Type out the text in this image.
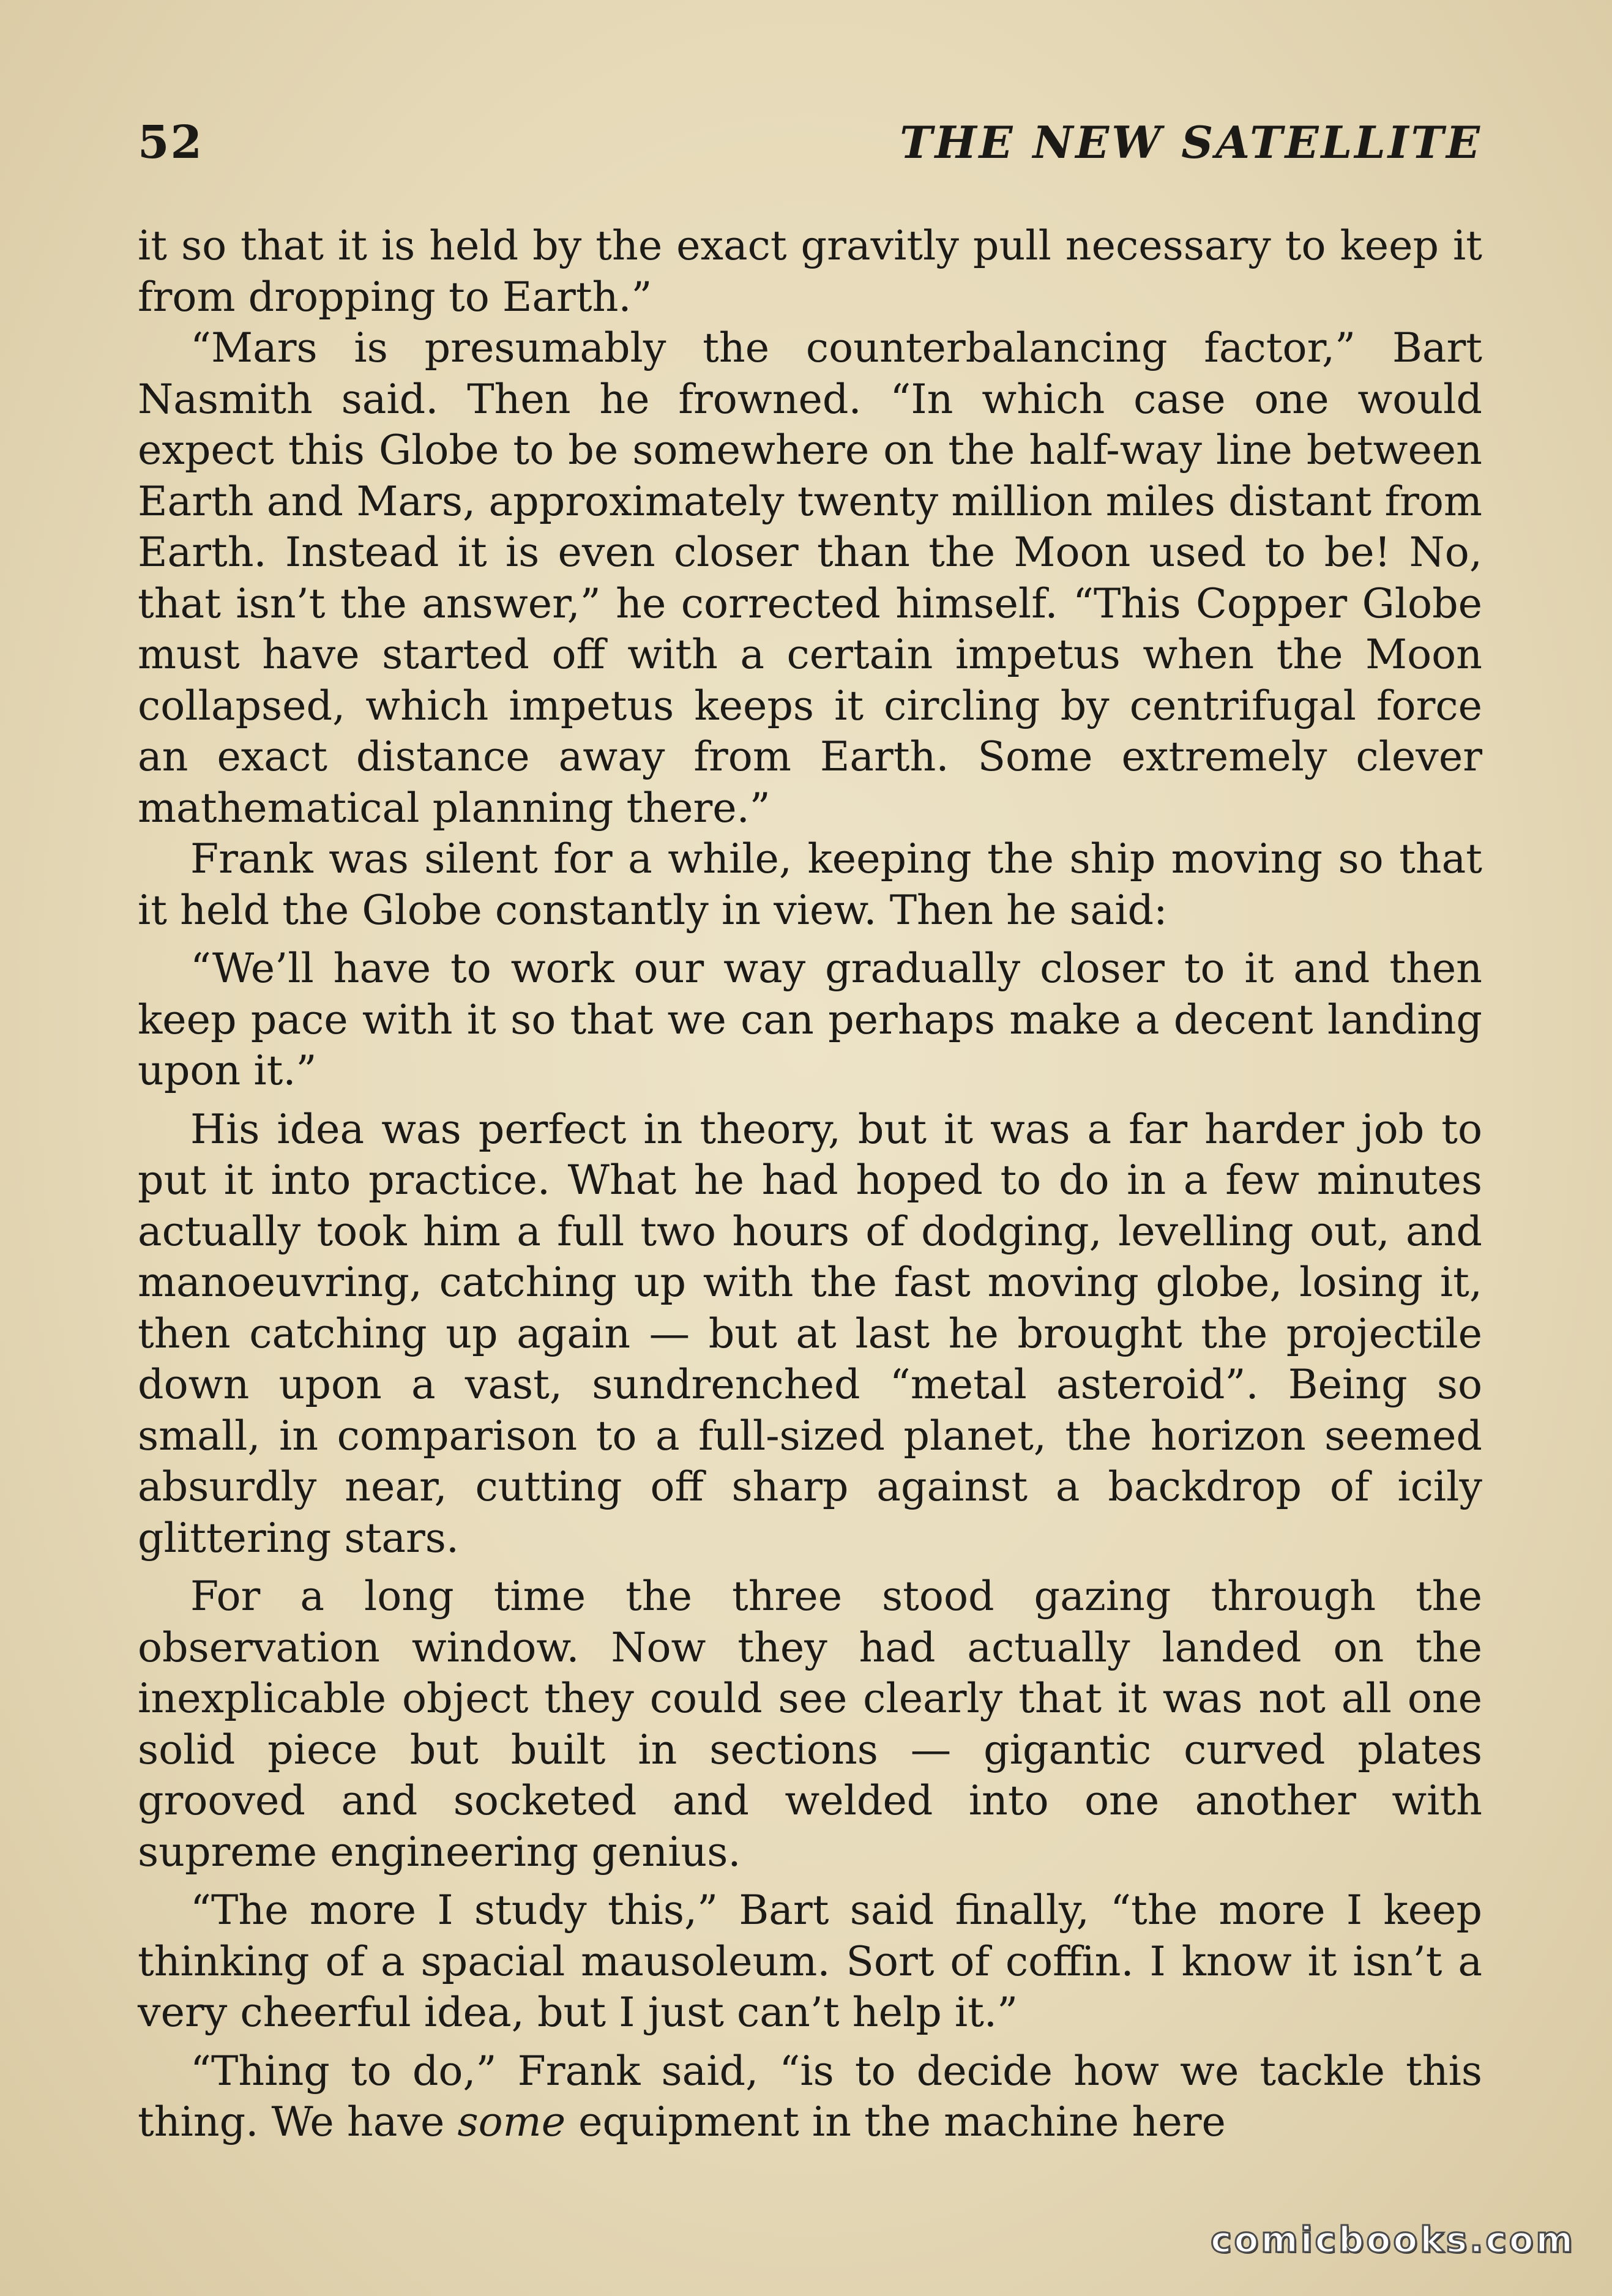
52	THE NEW SATELLITE

it so that it is held by the exact gravitly pull necessary to keep it from dropping to Earth.”

“Mars is presumably the counterbalancing factor,” Bart Nasmith said. Then he frowned. “In which case one would expect this Globe to be somewhere on the half-way line between Earth and Mars, approximately twenty million miles distant from Earth. Instead it is even closer than the Moon used to be! No, that isn’t the answer,” he corrected himself. “This Copper Globe must have started off with a certain impetus when the Moon collapsed, which impetus keeps it circling by centrifugal force an exact distance away from Earth. Some extremely clever mathematical planning there.”

Frank was silent for a while, keeping the ship moving so that it held the Globe constantly in view. Then he said:

“We’ll have to work our way gradually closer to it and then keep pace with it so that we can perhaps make a decent landing upon it.”

His idea was perfect in theory, but it was a far harder job to put it into practice. What he had hoped to do in a few minutes actually took him a full two hours of dodging, levelling out, and manoeuvring, catching up with the fast moving globe, losing it, then catching up again — but at last he brought the projectile down upon a vast, sundrenched “metal asteroid”. Being so small, in comparison to a full-sized planet, the horizon seemed absurdly near, cutting off sharp against a backdrop of icily glittering stars.

For a long time the three stood gazing through the observation window. Now they had actually landed on the inexplicable object they could see clearly that it was not all one solid piece but built in sections — gigantic curved plates grooved and socketed and welded into one another with supreme engineering genius.

“The more I study this,” Bart said finally, “the more I keep thinking of a spacial mausoleum. Sort of coffin. I know it isn’t a very cheerful idea, but I just can’t help it.”

“Thing to do,” Frank said, “is to decide how we tackle this thing. We have some equipment in the machine here

comicbooks.com
